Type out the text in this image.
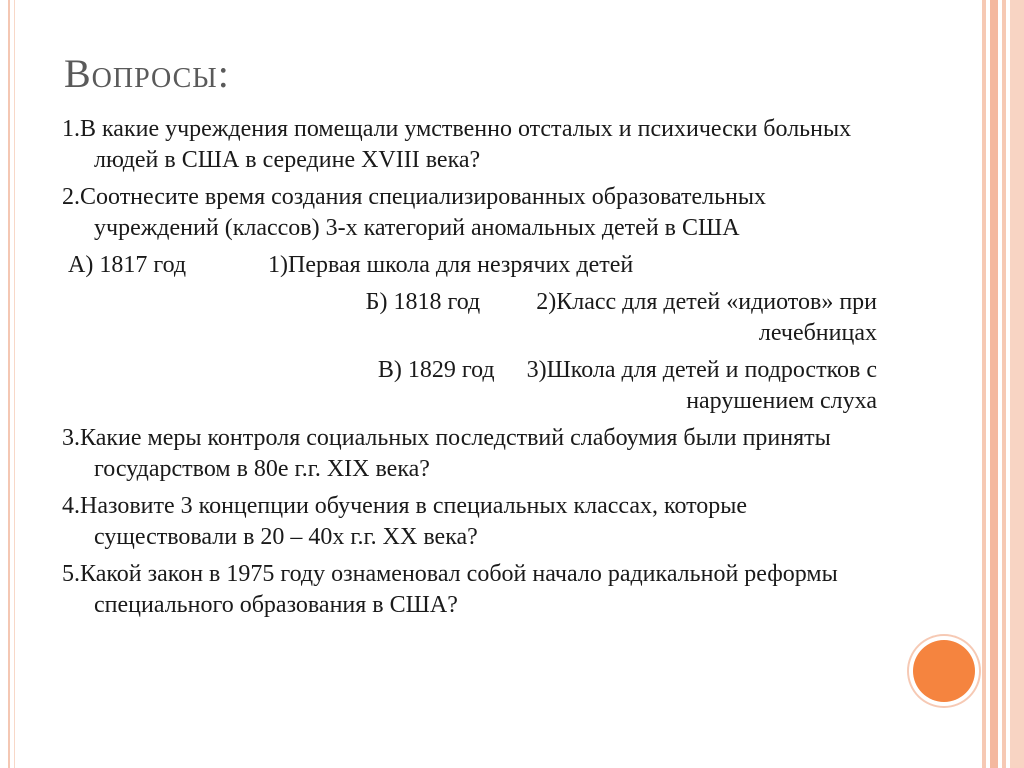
Вопросы:

1.В какие учреждения помещали умственно отсталых и психически больных людей в США в середине XVIII века?

2.Соотнесите время создания специализированных образовательных учреждений (классов) 3-х категорий аномальных детей в США

А) 1817 год	1)Первая школа для незрячих детей
Б) 1818 год 2)Класс для детей «идиотов» при
лечебницах
В) 1829 год 3)Школа для детей и подростков с
нарушением слуха

3.Какие меры контроля социальных последствий слабоумия были приняты государством в 80е г.г. XIX века?

4.Назовите 3 концепции обучения в специальных классах, которые существовали в 20 – 40х г.г. XX века?

5.Какой закон в 1975 году ознаменовал собой начало радикальной реформы специального образования в США?
